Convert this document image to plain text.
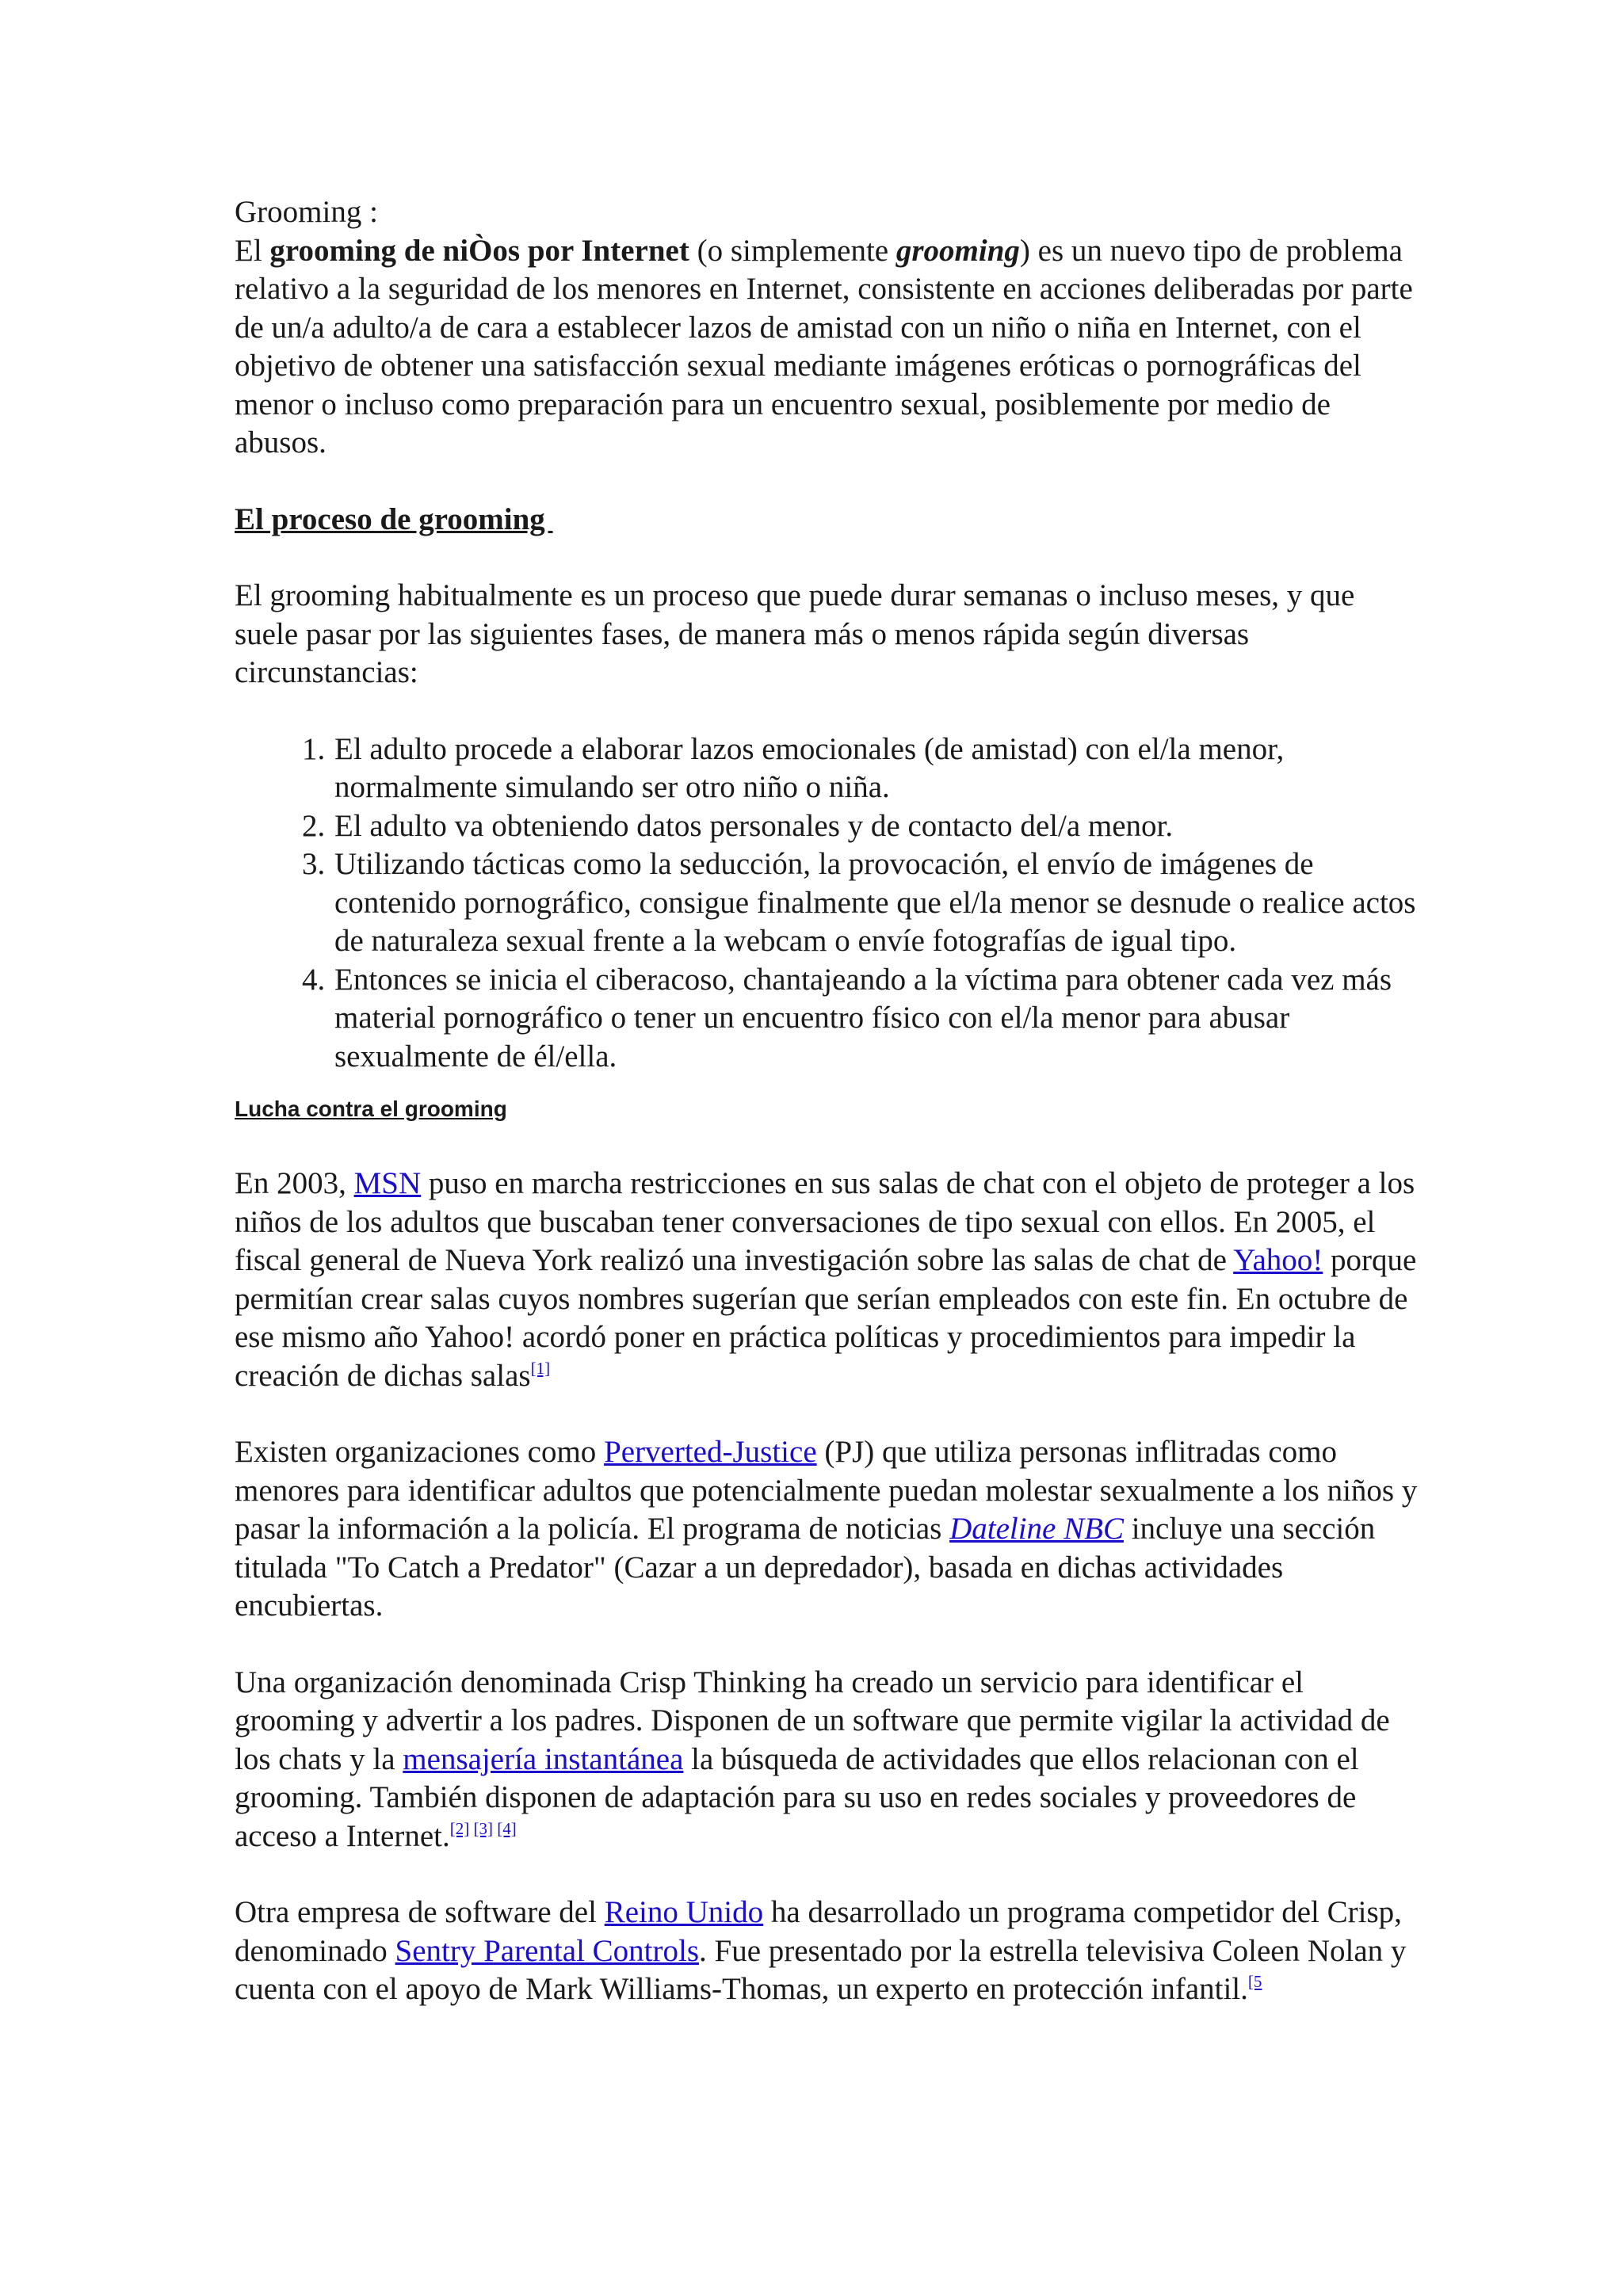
Grooming :

El grooming de niÒos por Internet (o simplemente grooming) es un nuevo tipo de problema relativo a la seguridad de los menores en Internet, consistente en acciones deliberadas por parte de un/a adulto/a de cara a establecer lazos de amistad con un niño o niña en Internet, con el objetivo de obtener una satisfacción sexual mediante imágenes eróticas o pornográficas del menor o incluso como preparación para un encuentro sexual, posiblemente por medio de abusos.

El proceso de grooming

El grooming habitualmente es un proceso que puede durar semanas o incluso meses, y que suele pasar por las siguientes fases, de manera más o menos rápida según diversas circunstancias:

1. El adulto procede a elaborar lazos emocionales (de amistad) con el/la menor, normalmente simulando ser otro niño o niña.
2. El adulto va obteniendo datos personales y de contacto del/a menor.
3. Utilizando tácticas como la seducción, la provocación, el envío de imágenes de contenido pornográfico, consigue finalmente que el/la menor se desnude o realice actos de naturaleza sexual frente a la webcam o envíe fotografías de igual tipo.
4. Entonces se inicia el ciberacoso, chantajeando a la víctima para obtener cada vez más material pornográfico o tener un encuentro físico con el/la menor para abusar sexualmente de él/ella.

Lucha contra el grooming

En 2003, MSN puso en marcha restricciones en sus salas de chat con el objeto de proteger a los niños de los adultos que buscaban tener conversaciones de tipo sexual con ellos. En 2005, el fiscal general de Nueva York realizó una investigación sobre las salas de chat de Yahoo! porque permitían crear salas cuyos nombres sugerían que serían empleados con este fin. En octubre de ese mismo año Yahoo! acordó poner en práctica políticas y procedimientos para impedir la creación de dichas salas[1]

Existen organizaciones como Perverted-Justice (PJ) que utiliza personas inflitradas como menores para identificar adultos que potencialmente puedan molestar sexualmente a los niños y pasar la información a la policía. El programa de noticias Dateline NBC incluye una sección titulada "To Catch a Predator" (Cazar a un depredador), basada en dichas actividades encubiertas.

Una organización denominada Crisp Thinking ha creado un servicio para identificar el grooming y advertir a los padres. Disponen de un software que permite vigilar la actividad de los chats y la mensajería instantánea la búsqueda de actividades que ellos relacionan con el grooming. También disponen de adaptación para su uso en redes sociales y proveedores de acceso a Internet.[2] [3] [4]

Otra empresa de software del Reino Unido ha desarrollado un programa competidor del Crisp, denominado Sentry Parental Controls. Fue presentado por la estrella televisiva Coleen Nolan y cuenta con el apoyo de Mark Williams-Thomas, un experto en protección infantil.$^{[5}$
